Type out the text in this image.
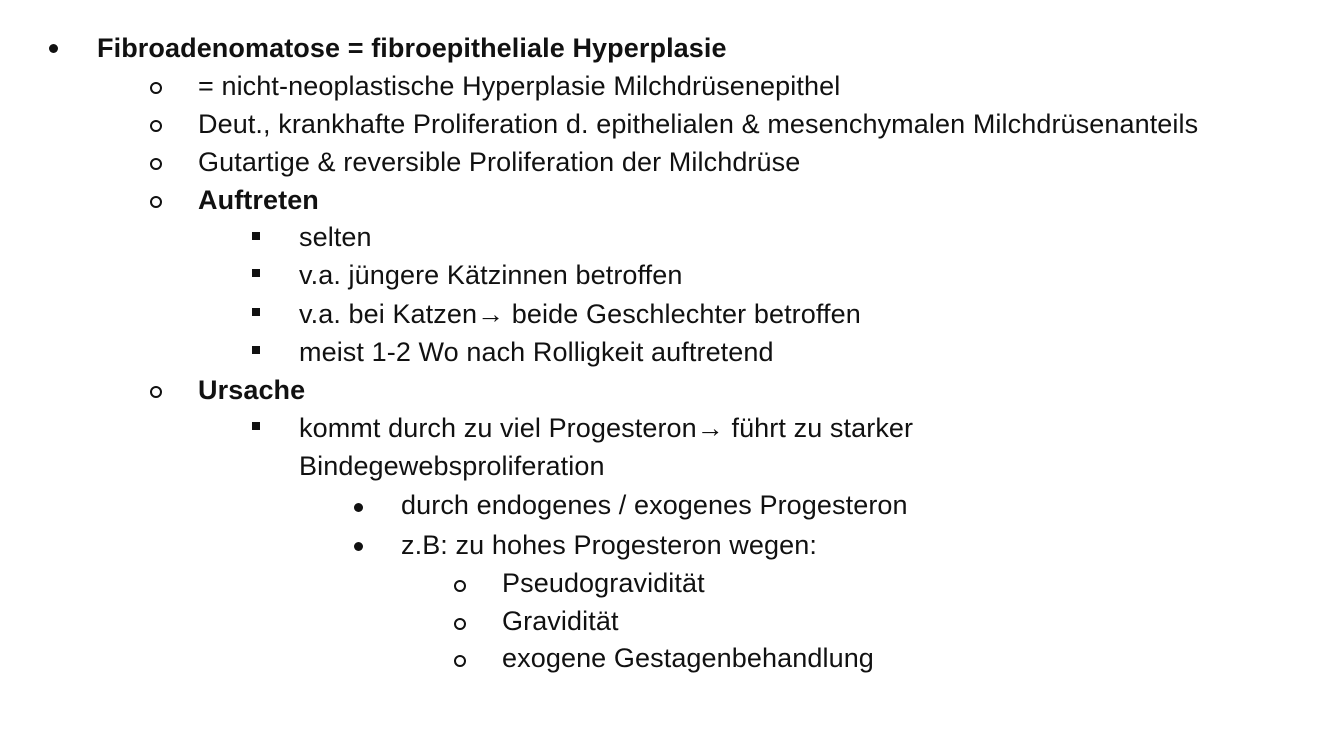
Fibroadenomatose = fibroepitheliale Hyperplasie
= nicht-neoplastische Hyperplasie Milchdrüsenepithel
Deut., krankhafte Proliferation d. epithelialen & mesenchymalen Milchdrüsenanteils
Gutartige & reversible Proliferation der Milchdrüse
Auftreten
selten
v.a. jüngere Kätzinnen betroffen
v.a. bei Katzen→ beide Geschlechter betroffen
meist 1-2 Wo nach Rolligkeit auftretend
Ursache
kommt durch zu viel Progesteron→ führt zu starker
Bindegewebsproliferation
durch endogenes / exogenes Progesteron
z.B: zu hohes Progesteron wegen:
Pseudogravidität
Gravidität
exogene Gestagenbehandlung
